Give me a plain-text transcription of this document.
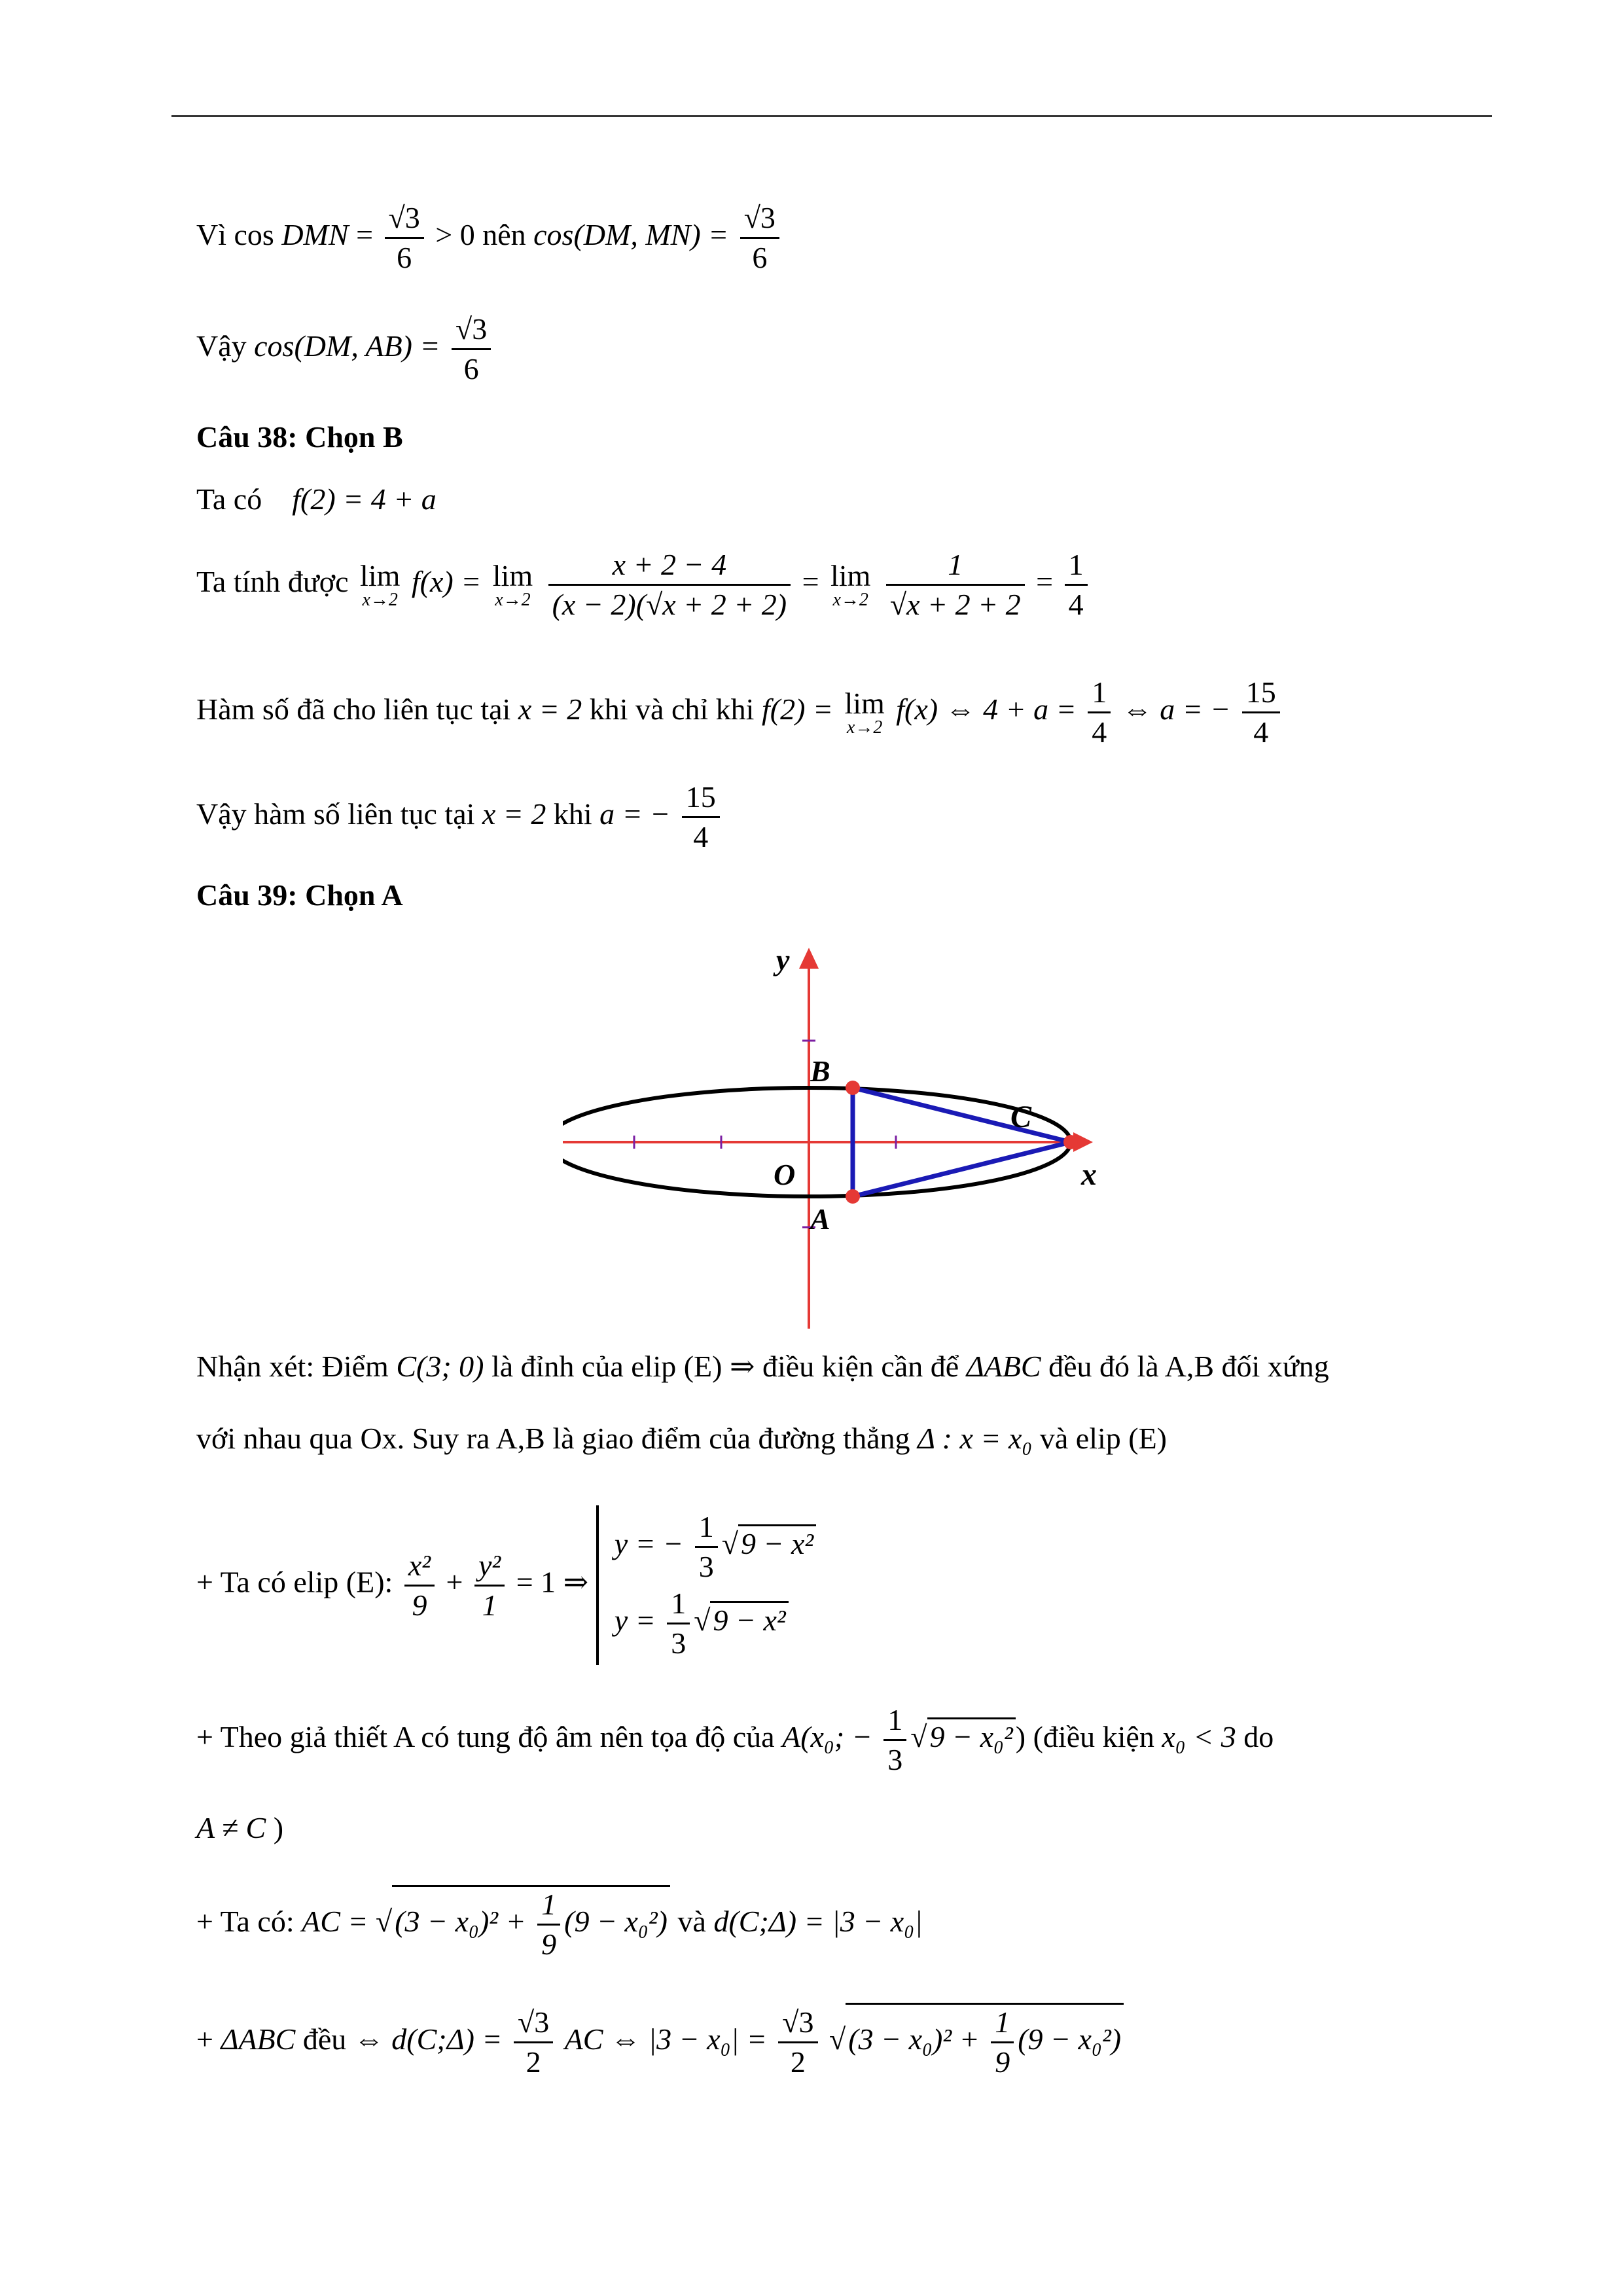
Vì cos DMN = $\frac{√3}{6} > 0$ nên cos(DM, $MN) = \frac{√3}{6}$
Vậy cos(DM, $AB) = \frac{√3}{6}$
Câu 38: Chọn B
Ta có f(2) = 4 + a
Ta tính được lim
x→2
f(x) = lim
x→2
$\frac{x + 2 - 4}{(x - 2)(√x + 2 + 2)} = \lim$
x→2
$\frac{1}{√x + 2 + 2} = \frac{1}{4}$
Hàm số đã cho liên tục tại x = 2 khi và chỉ khi f(2) = lim
x→2
f(x) ⇔ $4 + a = \frac{1}{4}$ ⇔ a = − $\frac{15}{4}$
Vậy hàm số liên tục tại x = 2 khi a = − $\frac{15}{4}$
Câu 39: Chọn A
y
x
O
B
A
C
Nhận xét: Điểm C(3; 0) là đỉnh của elip (E) ⇒ điều kiện cần để ΔABC đều đó là A,B đối xứng
với nhau qua Ox. Suy ra A,B là giao điểm của đường thẳng Δ : x = x₀ và elip (E)
+ Ta có elip (E): $\frac{\text{x²}}{9} + \frac{\text{y²}}{1} = 1$ ⇒
y = − $\frac{1}{3} √9 - x^2$
$y = \frac{1}{3} √9 - x^2$
+ Theo giả thiết A có tung độ âm nên tọa độ của A(x₀; − $\frac{1}{3} √9 - x_0^2$) (điều kiện x₀ < 3 do
A ≠ C )
+ Ta có: AC = $√(3 - x_0)^2 + \frac{1}{9} (9 - x_0^2)$ và d(C;Δ) = |3 − x₀|
+ ΔABC đều ⇔ d(C;Δ) = $\frac{√3}{2}$ AC ⇔ $|3 - x_0| = \frac{√3}{2} √(3 - x_0)^2 + \frac{1}{9} (9 - x_0^2)$
